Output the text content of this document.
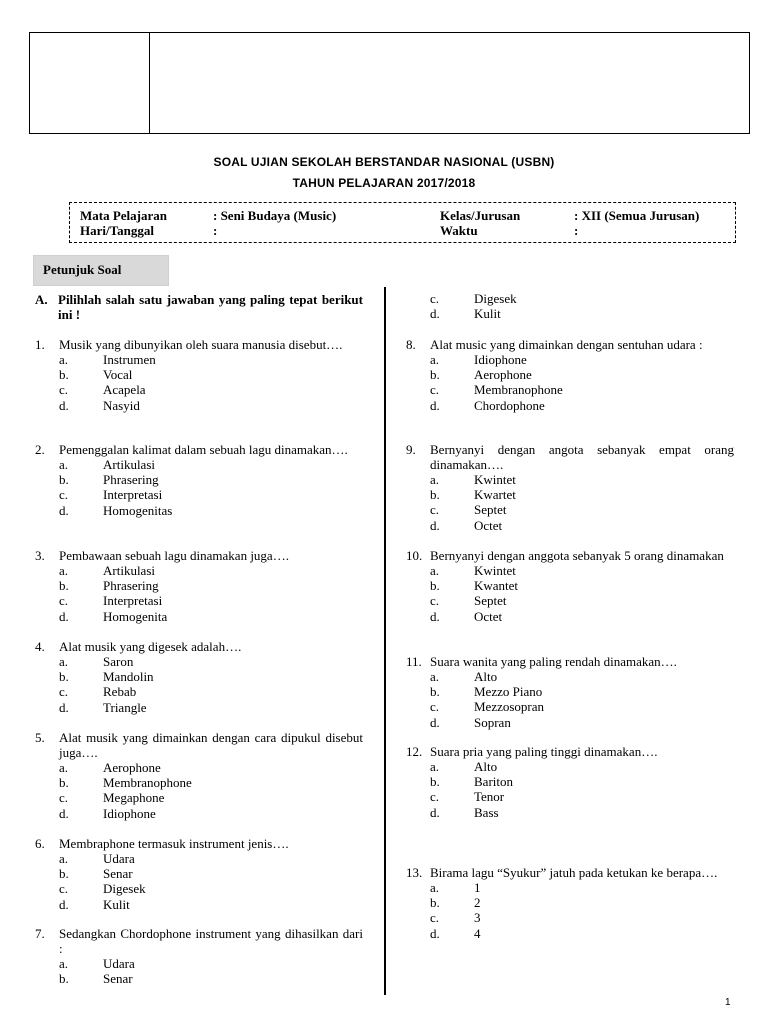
SOAL UJIAN SEKOLAH BERSTANDAR NASIONAL (USBN)
TAHUN PELAJARAN 2017/2018
Mata Pelajaran	: Seni Budaya (Music)	Kelas/Jurusan	: XII (Semua Jurusan)
Hari/Tanggal	:	Waktu	:
Petunjuk Soal
A. Pilihlah salah satu jawaban yang paling tepat berikut ini !
1. Musik yang dibunyikan oleh suara manusia disebut….
a.	Instrumen
b.	Vocal
c.	Acapela
d.	Nasyid
2. Pemenggalan kalimat dalam sebuah lagu dinamakan….
a.	Artikulasi
b.	Phrasering
c.	Interpretasi
d.	Homogenitas
3. Pembawaan sebuah lagu dinamakan juga….
a.	Artikulasi
b.	Phrasering
c.	Interpretasi
d.	Homogenita
4. Alat musik yang digesek adalah….
a.	Saron
b.	Mandolin
c.	Rebab
d.	Triangle
5. Alat musik yang dimainkan dengan cara dipukul disebut juga….
a.	Aerophone
b.	Membranophone
c.	Megaphone
d.	Idiophone
6. Membraphone termasuk instrument jenis….
a.	Udara
b.	Senar
c.	Digesek
d.	Kulit
7. Sedangkan Chordophone instrument yang dihasilkan dari :
a.	Udara
b.	Senar
8. Alat music yang dimainkan dengan sentuhan udara :
a.	Idiophone
b.	Aerophone
c.	Membranophone
d.	Chordophone
9. Bernyanyi dengan angota sebanyak empat orang dinamakan….
a.	Kwintet
b.	Kwartet
c.	Septet
d.	Octet
10. Bernyanyi dengan anggota sebanyak 5 orang dinamakan
a.	Kwintet
b.	Kwantet
c.	Septet
d.	Octet
11. Suara wanita yang paling rendah dinamakan….
a.	Alto
b.	Mezzo Piano
c.	Mezzosopran
d.	Sopran
12. Suara pria yang paling tinggi dinamakan….
a.	Alto
b.	Bariton
c.	Tenor
d.	Bass
13. Birama lagu “Syukur” jatuh pada ketukan ke berapa….
a.	1
b.	2
c.	3
d.	4
c.	Digesek
d.	Kulit
1
